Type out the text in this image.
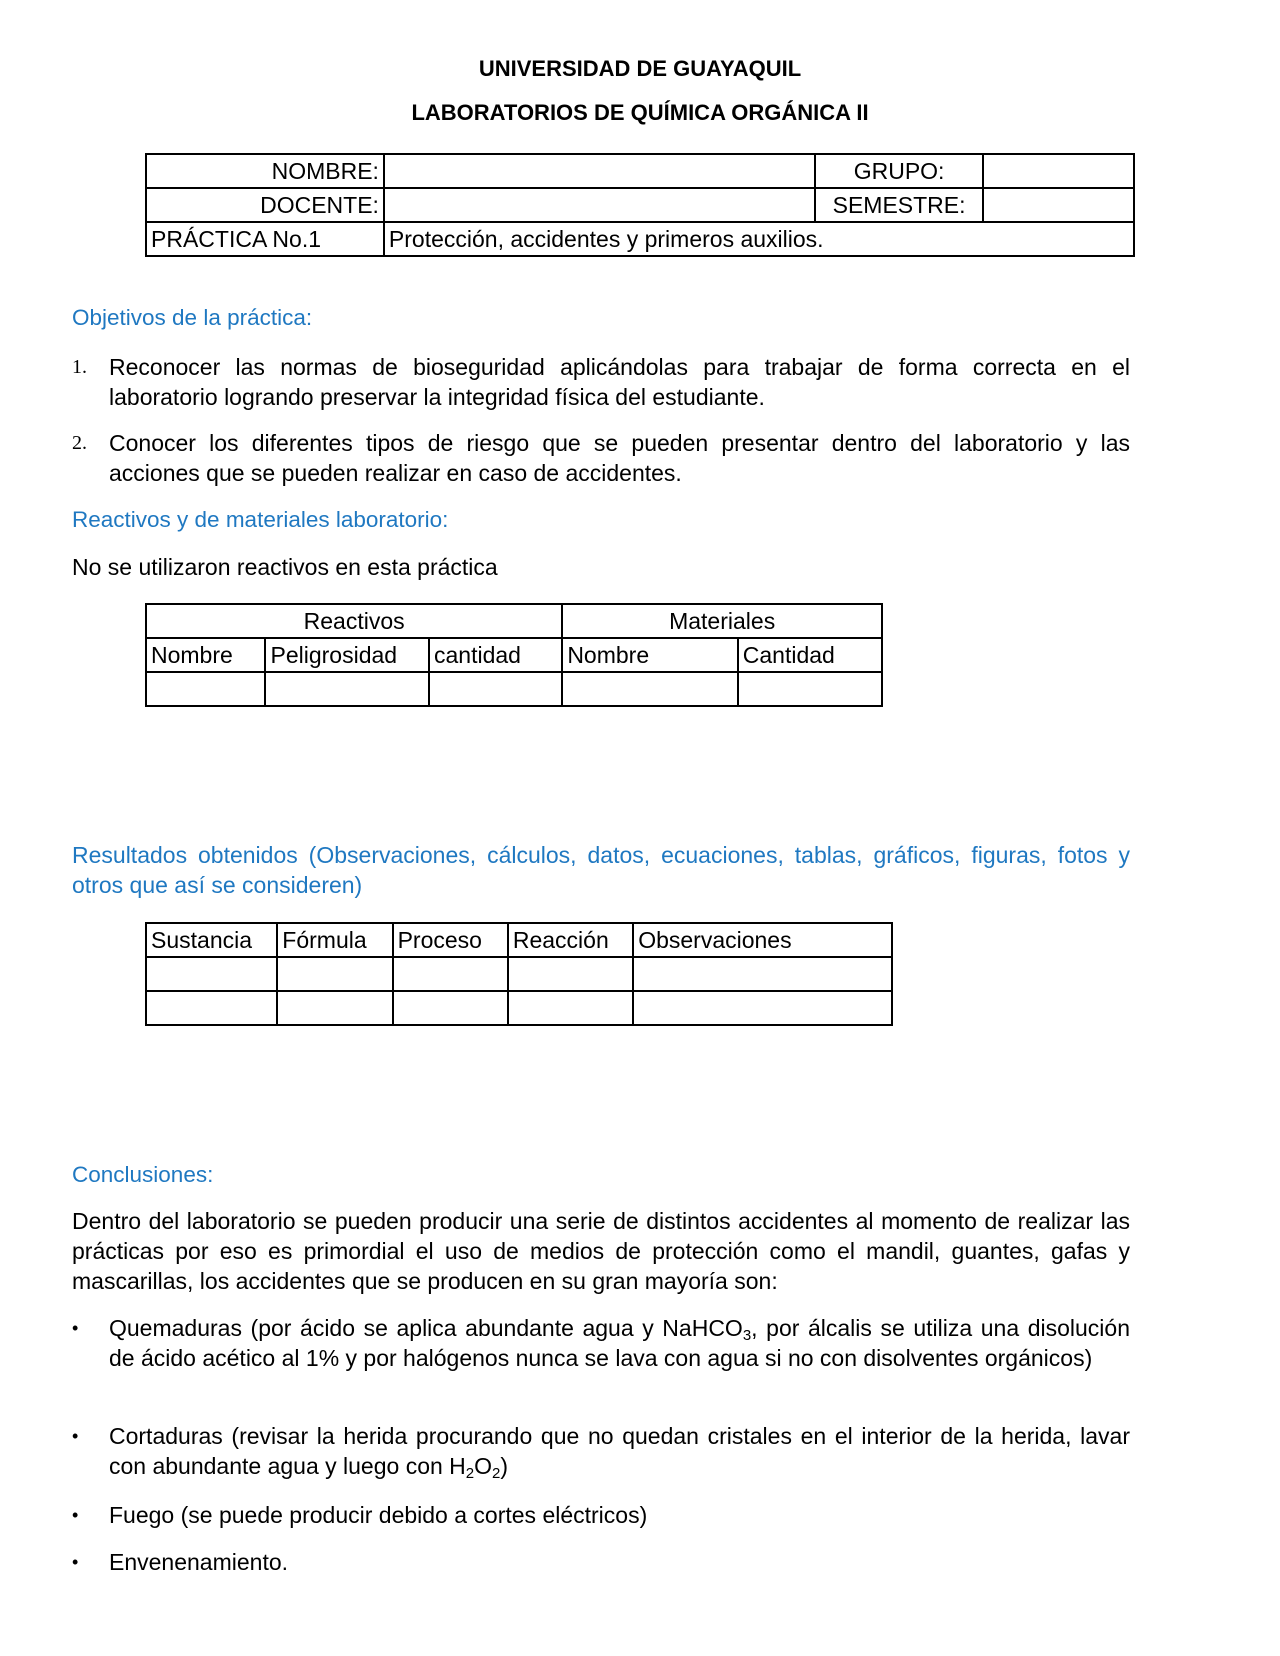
UNIVERSIDAD DE GUAYAQUIL
LABORATORIOS DE QUÍMICA ORGÁNICA II
NOMBRE:		GRUPO:	
DOCENTE:		SEMESTRE:	
PRÁCTICA No.1	Protección, accidentes y primeros auxilios.		
Objetivos de la práctica:
1. Reconocer las normas de bioseguridad aplicándolas para trabajar de forma correcta en el laboratorio logrando preservar la integridad física del estudiante.
2. Conocer los diferentes tipos de riesgo que se pueden presentar dentro del laboratorio y las acciones que se pueden realizar en caso de accidentes.
Reactivos y de materiales laboratorio:
No se utilizaron reactivos en esta práctica
Reactivos			Materiales	
Nombre	Peligrosidad	cantidad	Nombre	Cantidad

Resultados obtenidos (Observaciones, cálculos, datos, ecuaciones, tablas, gráficos, figuras, fotos y otros que así se consideren)
Sustancia	Fórmula	Proceso	Reacción	Observaciones

Conclusiones:
Dentro del laboratorio se pueden producir una serie de distintos accidentes al momento de realizar las prácticas por eso es primordial el uso de medios de protección como el mandil, guantes, gafas y mascarillas, los accidentes que se producen en su gran mayoría son:
• Quemaduras (por ácido se aplica abundante agua y NaHCO$_3$, por álcalis se utiliza una disolución de ácido acético al 1% y por halógenos nunca se lava con agua si no con disolventes orgánicos)
• Cortaduras (revisar la herida procurando que no quedan cristales en el interior de la herida, lavar con abundante agua y luego con $H_2O_2$)
• Fuego (se puede producir debido a cortes eléctricos)
• Envenenamiento.
